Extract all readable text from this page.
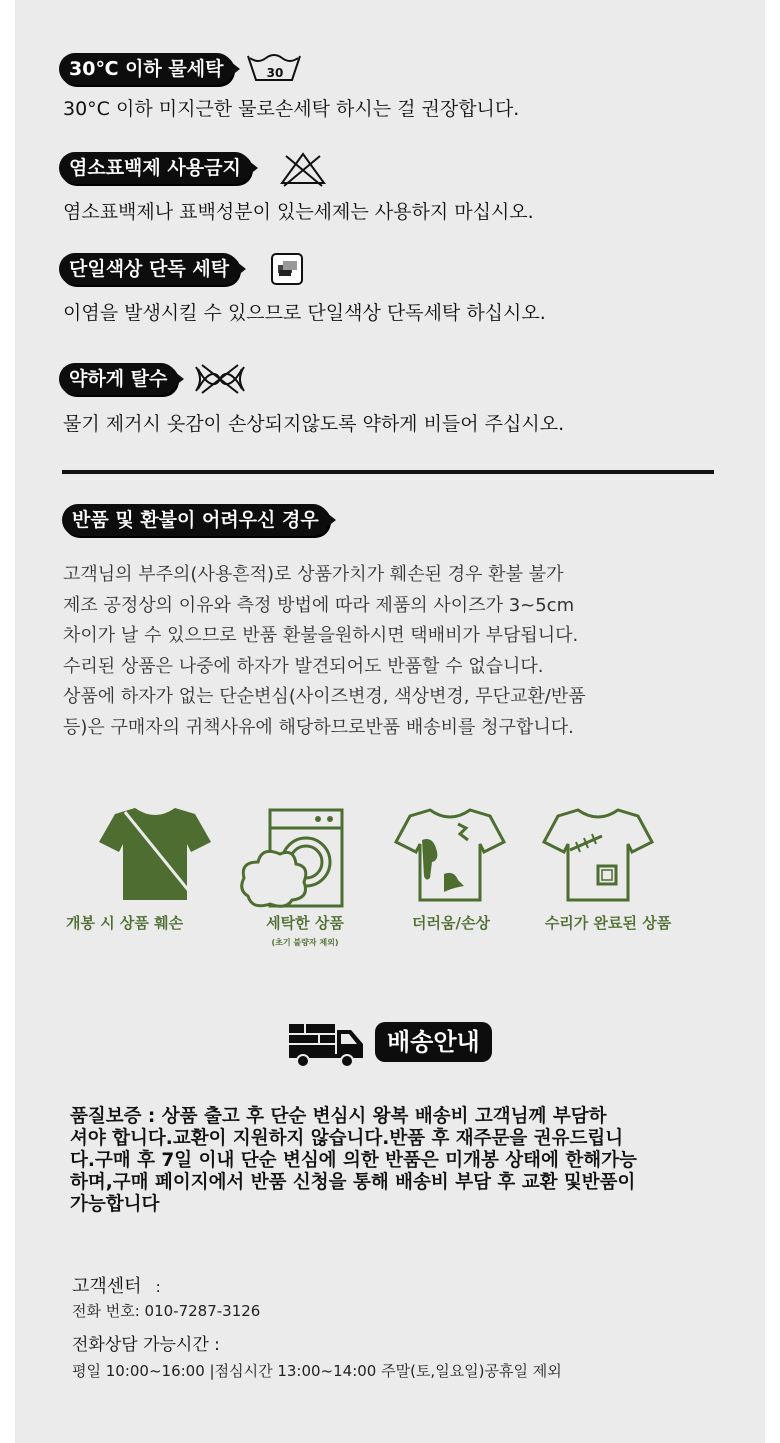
30℃ 이하 물세탁	30
30°C 이하 미지근한 물로손세탁 하시는 걸 권장합니다.
염소표백제 사용금지
염소표백제나 표백성분이 있는세제는 사용하지 마십시오.
단일색상 단독 세탁
이염을 발생시킬 수 있으므로 단일색상 단독세탁 하십시오.
약하게 탈수
물기 제거시 옷감이 손상되지않도록 약하게 비들어 주십시오.
반품 및 환불이 어려우신 경우
고객님의 부주의(사용흔적)로 상품가치가 훼손된 경우 환불 불가
제조 공정상의 이유와 측정 방법에 따라 제품의 사이즈가 3~5cm
차이가 날 수 있으므로 반품 환불을원하시면 택배비가 부담됩니다.
수리된 상품은 나중에 하자가 발견되어도 반품할 수 없습니다.
상품에 하자가 없는 단순변심(사이즈변경, 색상변경, 무단교환/반품
등)은 구매자의 귀책사유에 해당하므로반품 배송비를 청구합니다.
개봉 시 상품 훼손	세탁한 상품
(초기 불량자 제외)
더러움/손상	수리가 완료된 상품
배송안내
품질보증 : 상품 출고 후 단순 변심시 왕복 배송비 고객님께 부담하
셔야 합니다.교환이 지원하지 않습니다.반품 후 재주문을 권유드립니
다.구매 후 7일 이내 단순 변심에 의한 반품은 미개봉 상태에 한해가능
하며,구매 페이지에서 반품 신청을 통해 배송비 부담 후 교환 및반품이
가능합니다
고객센터 :
전화 번호: 010-7287-3126
전화상담 가능시간 :
평일 10:00~16:00 |점심시간 13:00~14:00 주말(토,일요일)공휴일 제외
